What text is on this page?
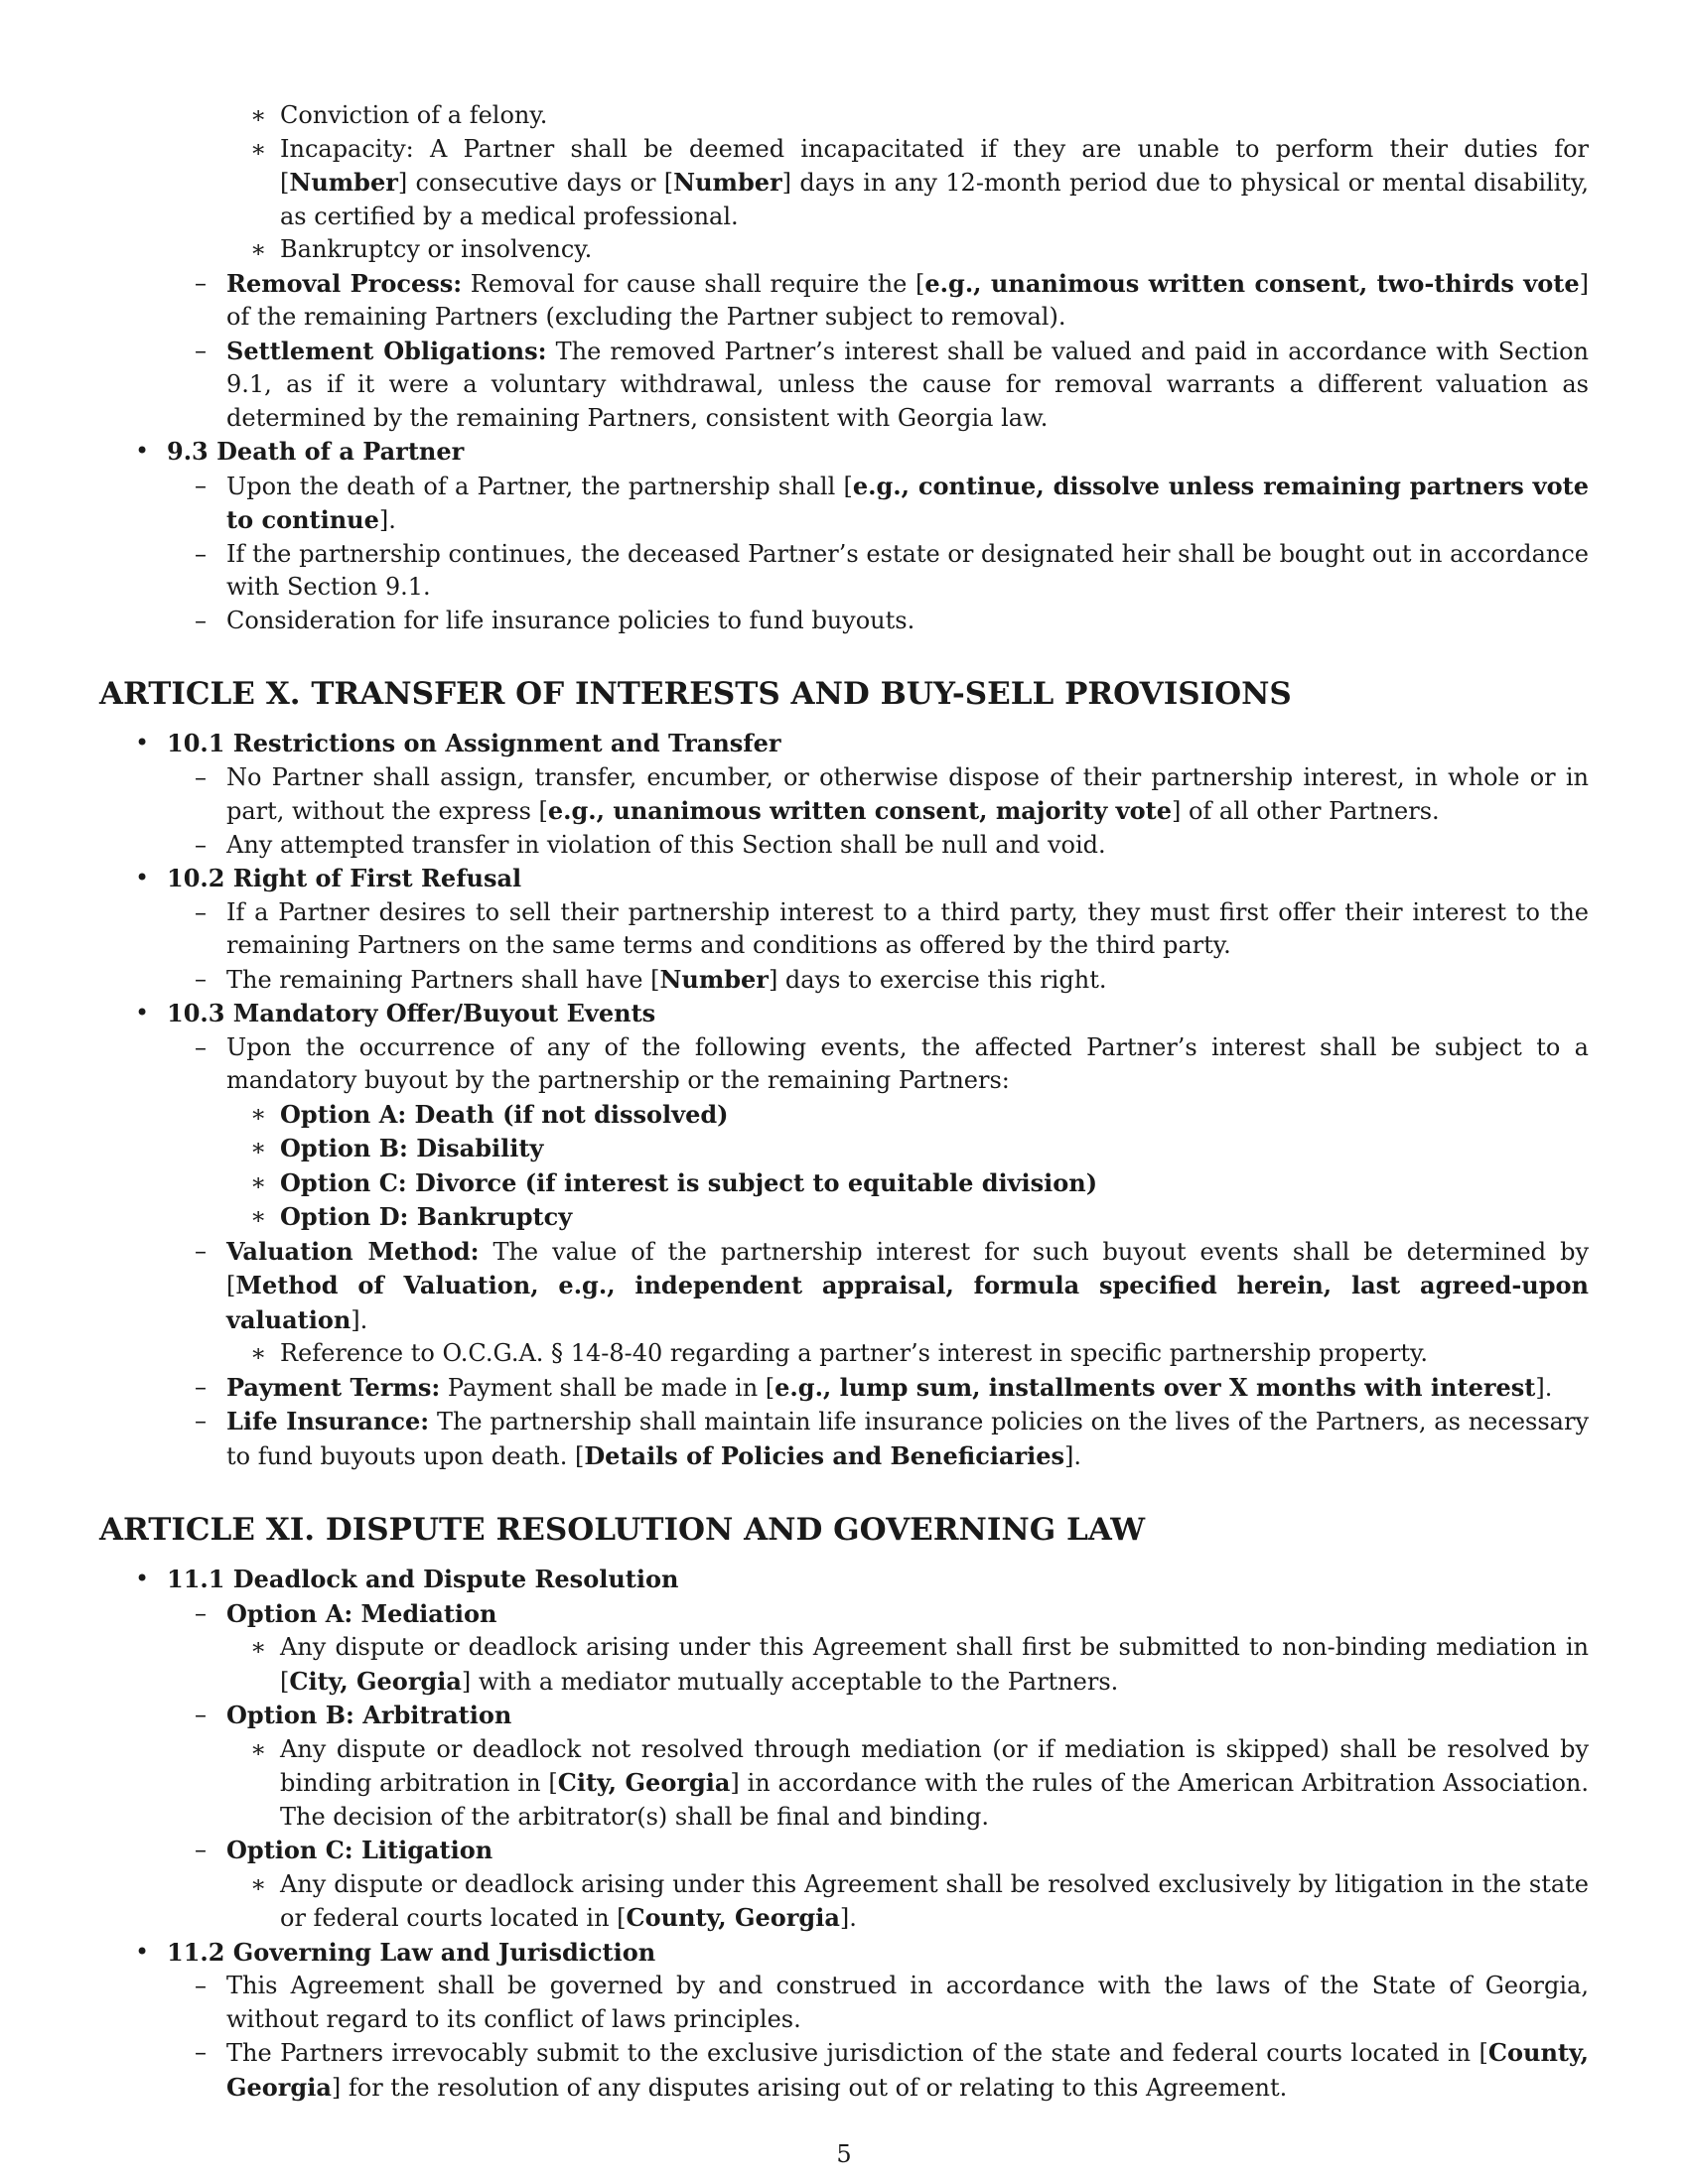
∗ Conviction of a felony.
∗ Incapacity: A Partner shall be deemed incapacitated if they are unable to perform their duties for [Number] consecutive days or [Number] days in any 12-month period due to physical or mental disability, as certified by a medical professional.
∗ Bankruptcy or insolvency.
– Removal Process: Removal for cause shall require the [e.g., unanimous written consent, two-thirds vote] of the remaining Partners (excluding the Partner subject to removal).
– Settlement Obligations: The removed Partner’s interest shall be valued and paid in accordance with Section 9.1, as if it were a voluntary withdrawal, unless the cause for removal warrants a different valuation as determined by the remaining Partners, consistent with Georgia law.
• 9.3 Death of a Partner
– Upon the death of a Partner, the partnership shall [e.g., continue, dissolve unless remaining partners vote to continue].
– If the partnership continues, the deceased Partner’s estate or designated heir shall be bought out in accordance with Section 9.1.
– Consideration for life insurance policies to fund buyouts.
ARTICLE X. TRANSFER OF INTERESTS AND BUY-SELL PROVISIONS
• 10.1 Restrictions on Assignment and Transfer
– No Partner shall assign, transfer, encumber, or otherwise dispose of their partnership interest, in whole or in part, without the express [e.g., unanimous written consent, majority vote] of all other Partners.
– Any attempted transfer in violation of this Section shall be null and void.
• 10.2 Right of First Refusal
– If a Partner desires to sell their partnership interest to a third party, they must first offer their interest to the remaining Partners on the same terms and conditions as offered by the third party.
– The remaining Partners shall have [Number] days to exercise this right.
• 10.3 Mandatory Offer/Buyout Events
– Upon the occurrence of any of the following events, the affected Partner’s interest shall be subject to a mandatory buyout by the partnership or the remaining Partners:
∗ Option A: Death (if not dissolved)
∗ Option B: Disability
∗ Option C: Divorce (if interest is subject to equitable division)
∗ Option D: Bankruptcy
– Valuation Method: The value of the partnership interest for such buyout events shall be determined by [Method of Valuation, e.g., independent appraisal, formula specified herein, last agreed-upon valuation].
∗ Reference to O.C.G.A. § 14-8-40 regarding a partner’s interest in specific partnership property.
– Payment Terms: Payment shall be made in [e.g., lump sum, installments over X months with interest].
– Life Insurance: The partnership shall maintain life insurance policies on the lives of the Partners, as necessary to fund buyouts upon death. [Details of Policies and Beneficiaries].
ARTICLE XI. DISPUTE RESOLUTION AND GOVERNING LAW
• 11.1 Deadlock and Dispute Resolution
– Option A: Mediation
∗ Any dispute or deadlock arising under this Agreement shall first be submitted to non-binding mediation in [City, Georgia] with a mediator mutually acceptable to the Partners.
– Option B: Arbitration
∗ Any dispute or deadlock not resolved through mediation (or if mediation is skipped) shall be resolved by binding arbitration in [City, Georgia] in accordance with the rules of the American Arbitration Association. The decision of the arbitrator(s) shall be final and binding.
– Option C: Litigation
∗ Any dispute or deadlock arising under this Agreement shall be resolved exclusively by litigation in the state or federal courts located in [County, Georgia].
• 11.2 Governing Law and Jurisdiction
– This Agreement shall be governed by and construed in accordance with the laws of the State of Georgia, without regard to its conflict of laws principles.
– The Partners irrevocably submit to the exclusive jurisdiction of the state and federal courts located in [County, Georgia] for the resolution of any disputes arising out of or relating to this Agreement.
5
